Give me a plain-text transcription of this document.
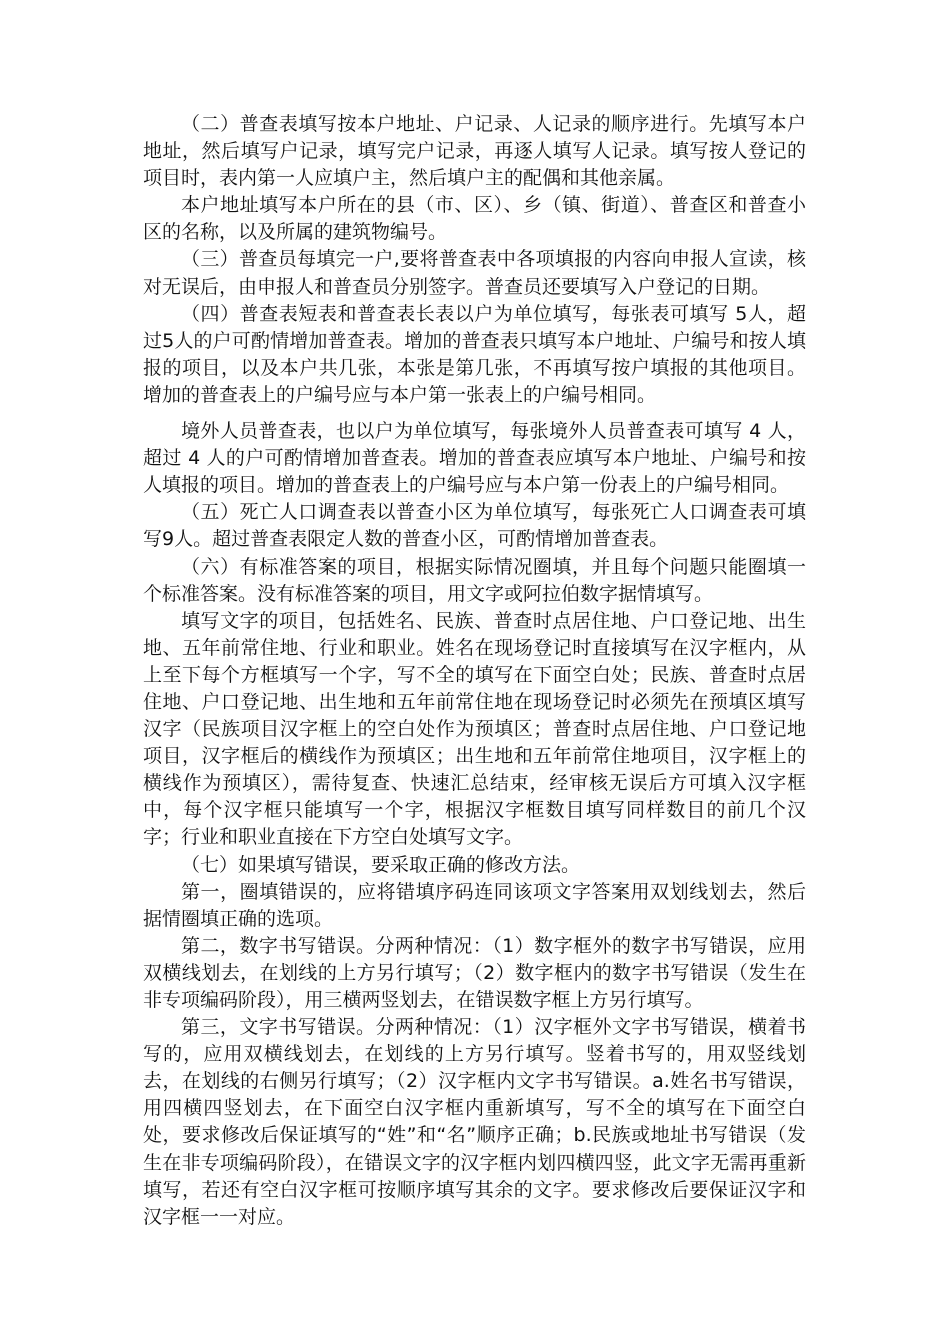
（二）普查表填写按本户地址、户记录、人记录的顺序进行。先填写本户地址，然后填写户记录，填写完户记录，再逐人填写人记录。填写按人登记的项目时，表内第一人应填户主，然后填户主的配偶和其他亲属。

本户地址填写本户所在的县（市、区）、乡（镇、街道）、普查区和普查小区的名称，以及所属的建筑物编号。

（三）普查员每填完一户,要将普查表中各项填报的内容向申报人宣读，核对无误后，由申报人和普查员分别签字。普查员还要填写入户登记的日期。

（四）普查表短表和普查表长表以户为单位填写，每张表可填写 5人，超过5人的户可酌情增加普查表。增加的普查表只填写本户地址、户编号和按人填报的项目，以及本户共几张，本张是第几张，不再填写按户填报的其他项目。增加的普查表上的户编号应与本户第一张表上的户编号相同。

境外人员普查表，也以户为单位填写，每张境外人员普查表可填写 4 人，超过 4 人的户可酌情增加普查表。增加的普查表应填写本户地址、户编号和按人填报的项目。增加的普查表上的户编号应与本户第一份表上的户编号相同。

（五）死亡人口调查表以普查小区为单位填写，每张死亡人口调查表可填写9人。超过普查表限定人数的普查小区，可酌情增加普查表。

（六）有标准答案的项目，根据实际情况圈填，并且每个问题只能圈填一个标准答案。没有标准答案的项目，用文字或阿拉伯数字据情填写。

填写文字的项目，包括姓名、民族、普查时点居住地、户口登记地、出生地、五年前常住地、行业和职业。姓名在现场登记时直接填写在汉字框内，从上至下每个方框填写一个字，写不全的填写在下面空白处；民族、普查时点居住地、户口登记地、出生地和五年前常住地在现场登记时必须先在预填区填写汉字（民族项目汉字框上的空白处作为预填区；普查时点居住地、户口登记地项目，汉字框后的横线作为预填区；出生地和五年前常住地项目，汉字框上的横线作为预填区），需待复查、快速汇总结束，经审核无误后方可填入汉字框中，每个汉字框只能填写一个字，根据汉字框数目填写同样数目的前几个汉字；行业和职业直接在下方空白处填写文字。

（七）如果填写错误，要采取正确的修改方法。

第一，圈填错误的，应将错填序码连同该项文字答案用双划线划去，然后据情圈填正确的选项。

第二，数字书写错误。分两种情况：（1）数字框外的数字书写错误，应用双横线划去，在划线的上方另行填写；（2）数字框内的数字书写错误（发生在非专项编码阶段），用三横两竖划去，在错误数字框上方另行填写。

第三，文字书写错误。分两种情况：（1）汉字框外文字书写错误，横着书写的，应用双横线划去，在划线的上方另行填写。竖着书写的，用双竖线划去，在划线的右侧另行填写；（2）汉字框内文字书写错误。a.姓名书写错误，用四横四竖划去，在下面空白汉字框内重新填写，写不全的填写在下面空白处，要求修改后保证填写的“姓”和“名”顺序正确；b.民族或地址书写错误（发生在非专项编码阶段），在错误文字的汉字框内划四横四竖，此文字无需再重新填写，若还有空白汉字框可按顺序填写其余的文字。要求修改后要保证汉字和汉字框一一对应。
